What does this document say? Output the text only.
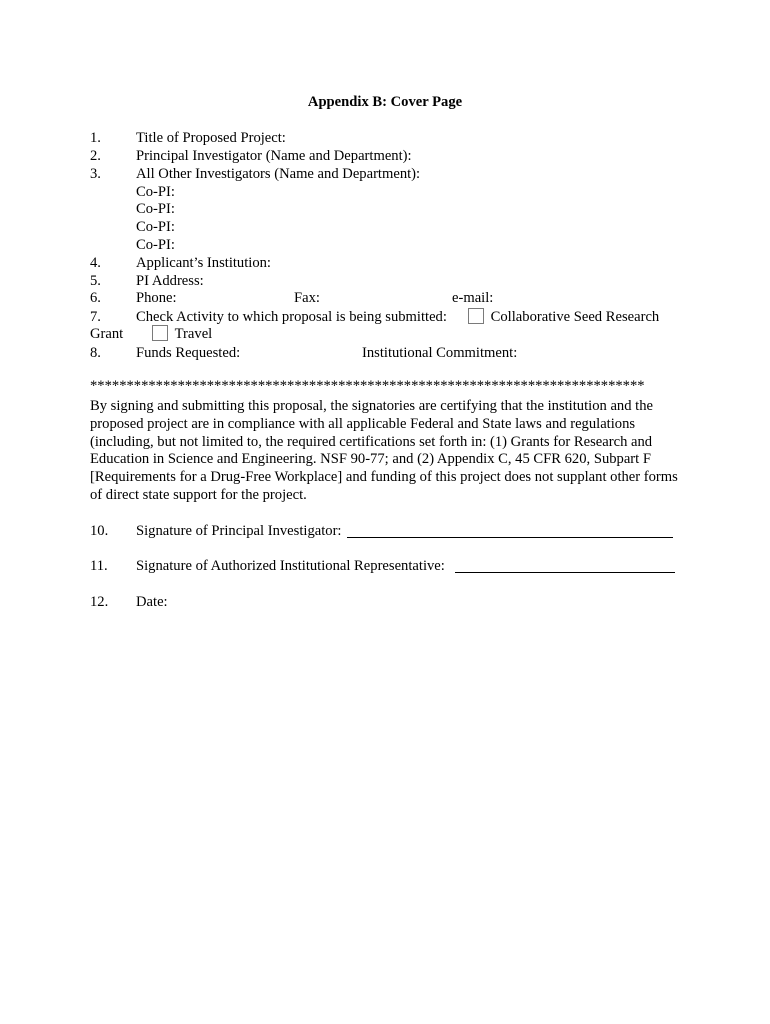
Appendix B: Cover Page
1. Title of Proposed Project:
2. Principal Investigator (Name and Department):
3. All Other Investigators (Name and Department):
Co-PI:
Co-PI:
Co-PI:
Co-PI:
4. Applicant’s Institution:
5. PI Address:
6. Phone:	Fax:	e-mail:
7. Check Activity to which proposal is being submitted:	Collaborative Seed Research
Grant	Travel
8. Funds Requested:	Institutional Commitment:
****************************************************************************
By signing and submitting this proposal, the signatories are certifying that the institution and the proposed project are in compliance with all applicable Federal and State laws and regulations (including, but not limited to, the required certifications set forth in: (1) Grants for Research and Education in Science and Engineering. NSF 90-77; and (2) Appendix C, 45 CFR 620, Subpart F [Requirements for a Drug-Free Workplace] and funding of this project does not supplant other forms of direct state support for the project.
10. Signature of Principal Investigator:
11. Signature of Authorized Institutional Representative:
12. Date:
